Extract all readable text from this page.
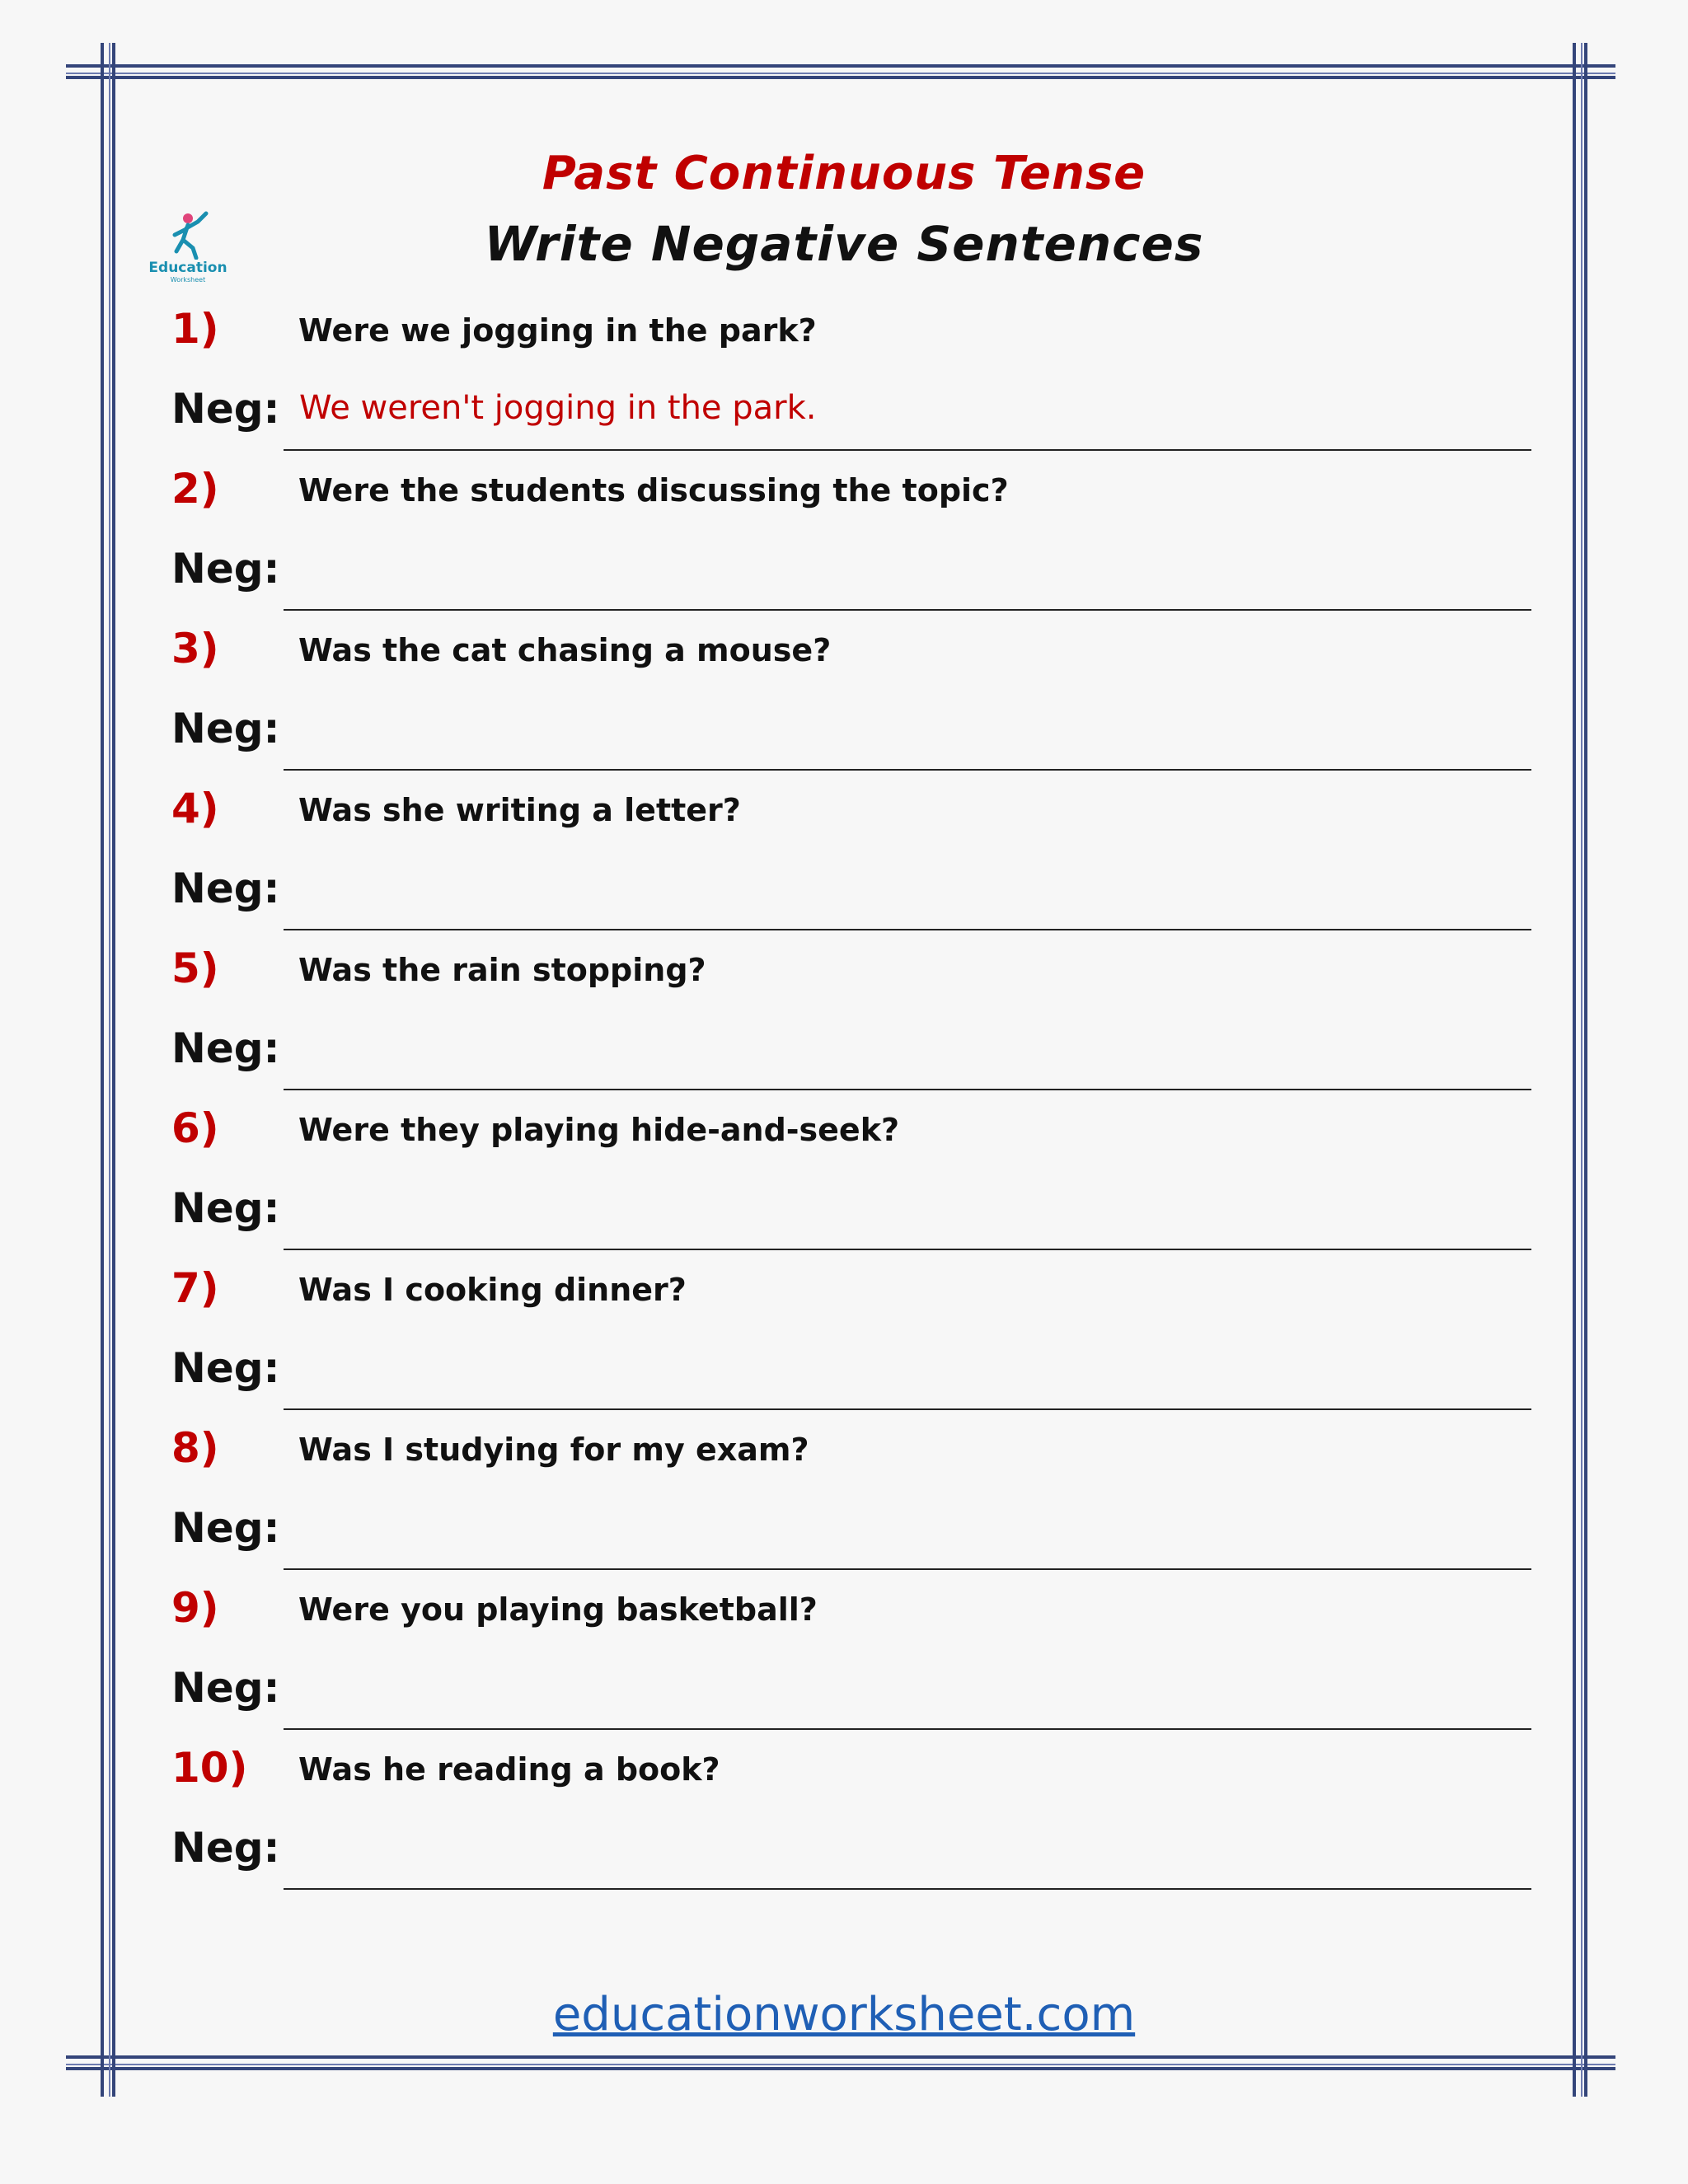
Education
Worksheet
Past Continuous Tense
Write Negative Sentences
1)	Were we jogging in the park?
Neg: We weren't jogging in the park.
2)	Were the students discussing the topic?
Neg:
3)	Was the cat chasing a mouse?
Neg:
4)	Was she writing a letter?
Neg:
5)	Was the rain stopping?
Neg:
6)	Were they playing hide-and-seek?
Neg:
7)	Was I cooking dinner?
Neg:
8)	Was I studying for my exam?
Neg:
9)	Were you playing basketball?
Neg:
10) Was he reading a book?
Neg:
educationworksheet.com
